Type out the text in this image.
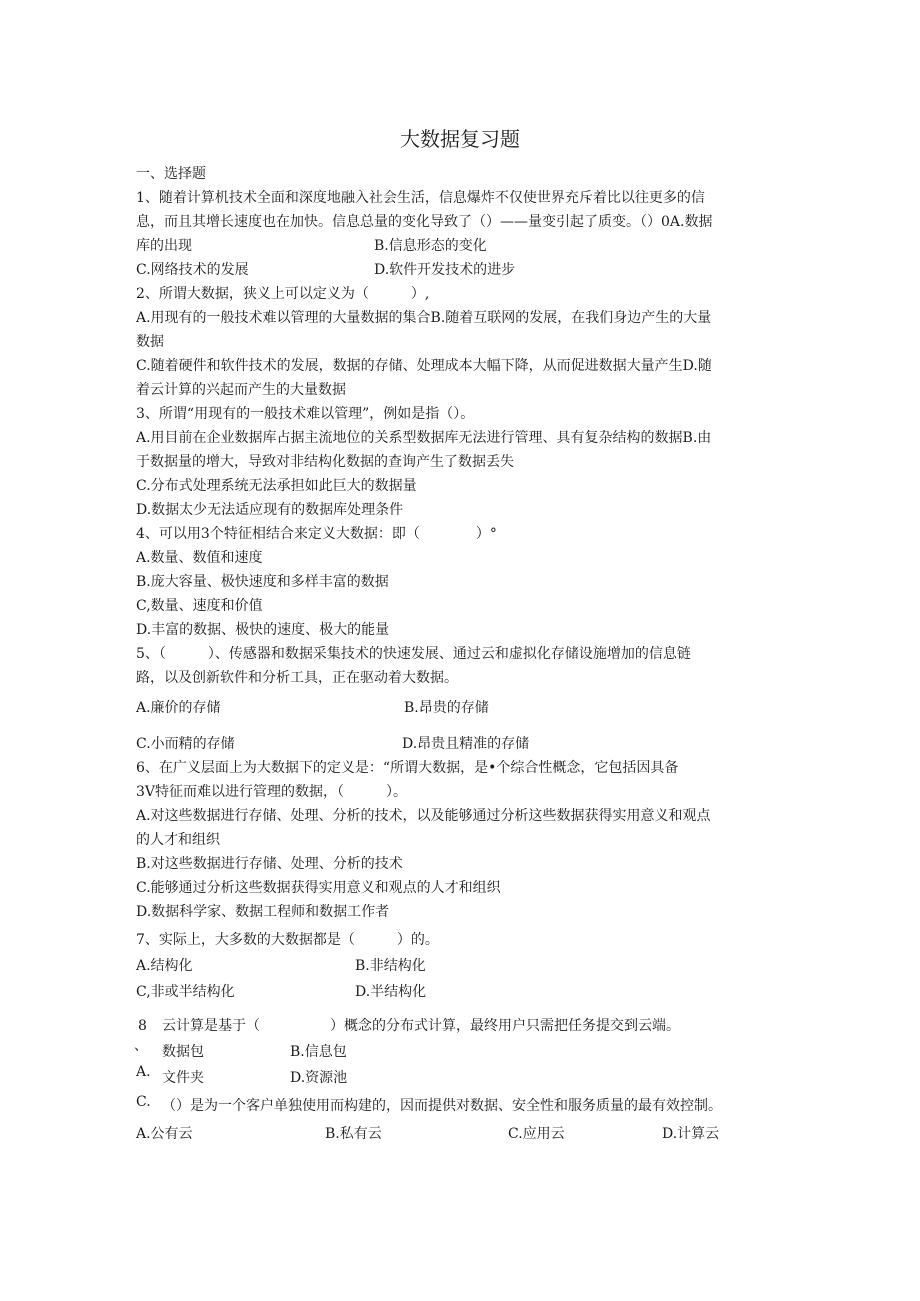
大数据复习题
一、选择题
1、随着计算机技术全面和深度地融入社会生活，信息爆炸不仅使世界充斥着比以往更多的信
息，而且其增长速度也在加快。信息总量的变化导致了（）——量变引起了质变。（）0A.数据
库的出现	B.信息形态的变化
C.网络技术的发展	D.软件开发技术的进步
2、所谓大数据，狭义上可以定义为（　　　）,
A.用现有的一般技术难以管理的大量数据的集合B.随着互联网的发展，在我们身边产生的大量
数据
C.随着硬件和软件技术的发展，数据的存储、处理成本大幅下降，从而促进数据大量产生D.随
着云计算的兴起而产生的大量数据
3、所谓“用现有的一般技术难以管理”，例如是指（）。
A.用目前在企业数据库占据主流地位的关系型数据库无法进行管理、具有复杂结构的数据B.由
于数据量的增大，导致对非结构化数据的查询产生了数据丢失
C.分布式处理系统无法承担如此巨大的数据量
D.数据太少无法适应现有的数据库处理条件
4、可以用3个特征相结合来定义大数据：即（　　　　）°
A.数量、数值和速度
B.庞大容量、极快速度和多样丰富的数据
C,数量、速度和价值
D.丰富的数据、极快的速度、极大的能量
5、（　　　）、传感器和数据采集技术的快速发展、通过云和虚拟化存储设施增加的信息链
路，以及创新软件和分析工具，正在驱动着大数据。
A.廉价的存储	B.昂贵的存储
C.小而精的存储	D.昂贵且精准的存储
6、在广义层面上为大数据下的定义是：“所谓大数据，是•个综合性概念，它包括因具备
3V特征而难以进行管理的数据，（　　　）。
A.对这些数据进行存储、处理、分析的技术，以及能够通过分析这些数据获得实用意义和观点
的人才和组织
B.对这些数据进行存储、处理、分析的技术
C.能够通过分析这些数据获得实用意义和观点的人才和组织
D.数据科学家、数据工程师和数据工作者
7、实际上，大多数的大数据都是（　　　）的。
A.结构化	B.非结构化
C,非或半结构化	D.半结构化
8 云计算是基于（　　　　　）概念的分布式计算，最终用户只需把任务提交到云端。
、 数据包	B.信息包
A. 文件夹	D.资源池
C. （）是为一个客户单独使用而构建的，因而提供对数据、安全性和服务质量的最有效控制。
A.公有云	B.私有云	C.应用云	D.计算云
